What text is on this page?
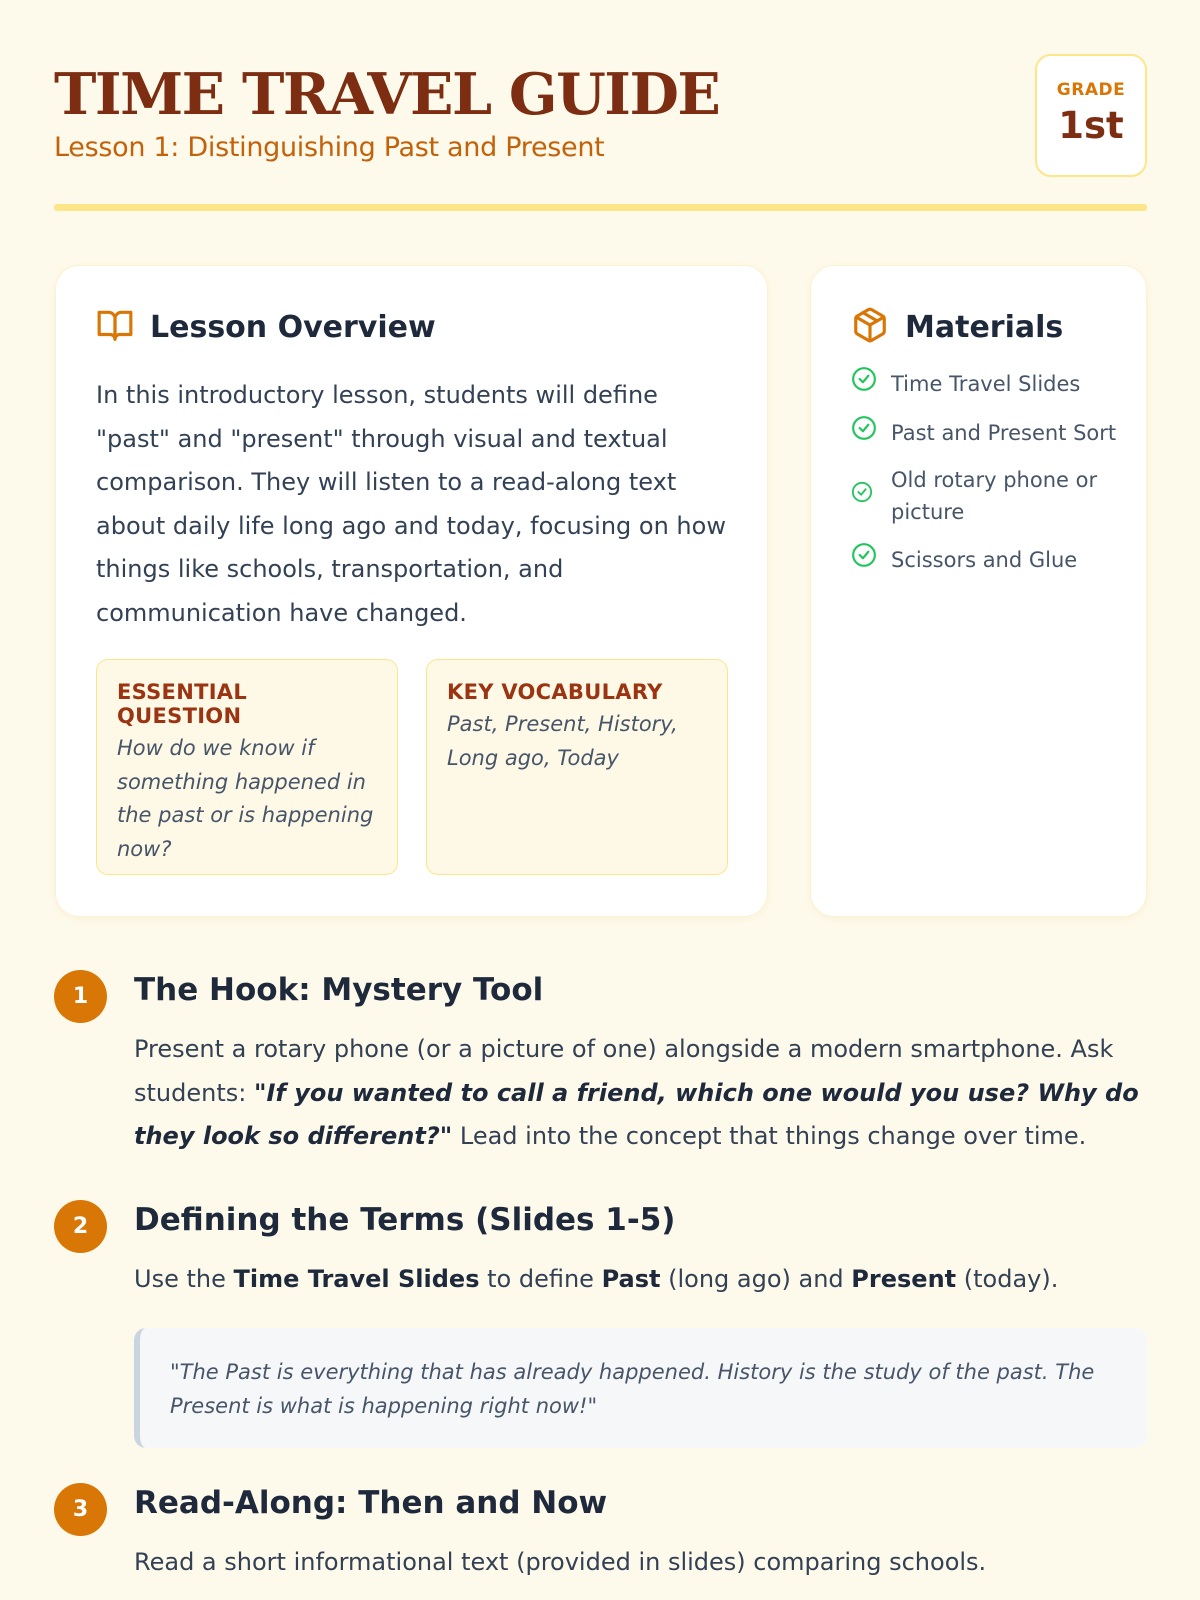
TIME TRAVEL GUIDE
Lesson 1: Distinguishing Past and Present
GRADE
1st
Lesson Overview

In this introductory lesson, students will define "past" and "present" through visual and textual comparison. They will listen to a read-along text about daily life long ago and today, focusing on how things like schools, transportation, and communication have changed.

ESSENTIAL QUESTION
How do we know if something happened in the past or is happening now?
KEY VOCABULARY
Past, Present, History, Long ago, Today
Materials
Time Travel Slides
Past and Present Sort
Old rotary phone or picture
Scissors and Glue
1	The Hook: Mystery Tool

Present a rotary phone (or a picture of one) alongside a modern smartphone. Ask students: "If you wanted to call a friend, which one would you use? Why do they look so different?" Lead into the concept that things change over time.

2	Defining the Terms (Slides 1-5)

Use the Time Travel Slides to define Past (long ago) and Present (today).

"The Past is everything that has already happened. History is the study of the past. The Present is what is happening right now!"
3	Read-Along: Then and Now

Read a short informational text (provided in slides) comparing schools.
